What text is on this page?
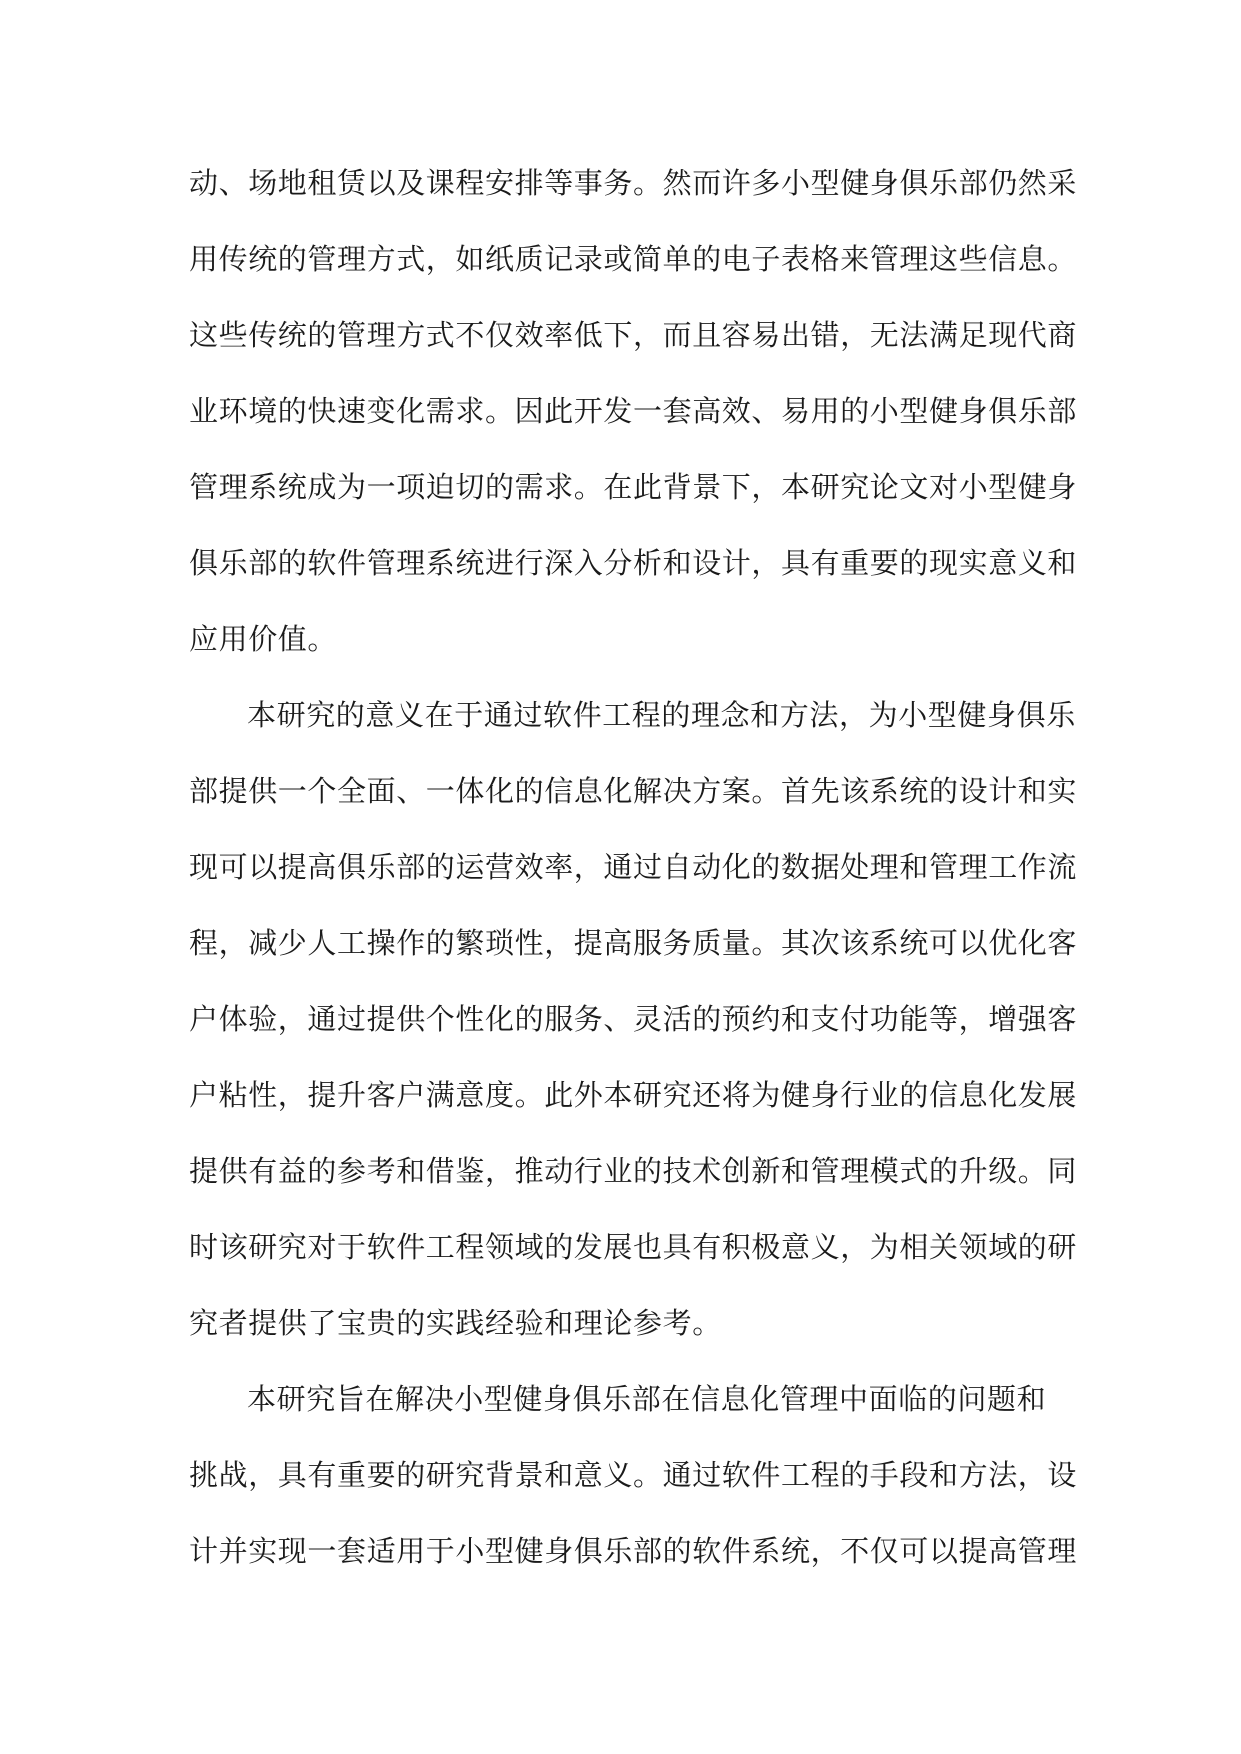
动、场地租赁以及课程安排等事务。然而许多小型健身俱乐部仍然采
用传统的管理方式，如纸质记录或简单的电子表格来管理这些信息。
这些传统的管理方式不仅效率低下，而且容易出错，无法满足现代商
业环境的快速变化需求。因此开发一套高效、易用的小型健身俱乐部
管理系统成为一项迫切的需求。在此背景下，本研究论文对小型健身
俱乐部的软件管理系统进行深入分析和设计，具有重要的现实意义和
应用价值。
本研究的意义在于通过软件工程的理念和方法，为小型健身俱乐
部提供一个全面、一体化的信息化解决方案。首先该系统的设计和实
现可以提高俱乐部的运营效率，通过自动化的数据处理和管理工作流
程，减少人工操作的繁琐性，提高服务质量。其次该系统可以优化客
户体验，通过提供个性化的服务、灵活的预约和支付功能等，增强客
户粘性，提升客户满意度。此外本研究还将为健身行业的信息化发展
提供有益的参考和借鉴，推动行业的技术创新和管理模式的升级。同
时该研究对于软件工程领域的发展也具有积极意义，为相关领域的研
究者提供了宝贵的实践经验和理论参考。
本研究旨在解决小型健身俱乐部在信息化管理中面临的问题和
挑战，具有重要的研究背景和意义。通过软件工程的手段和方法，设
计并实现一套适用于小型健身俱乐部的软件系统，不仅可以提高管理
